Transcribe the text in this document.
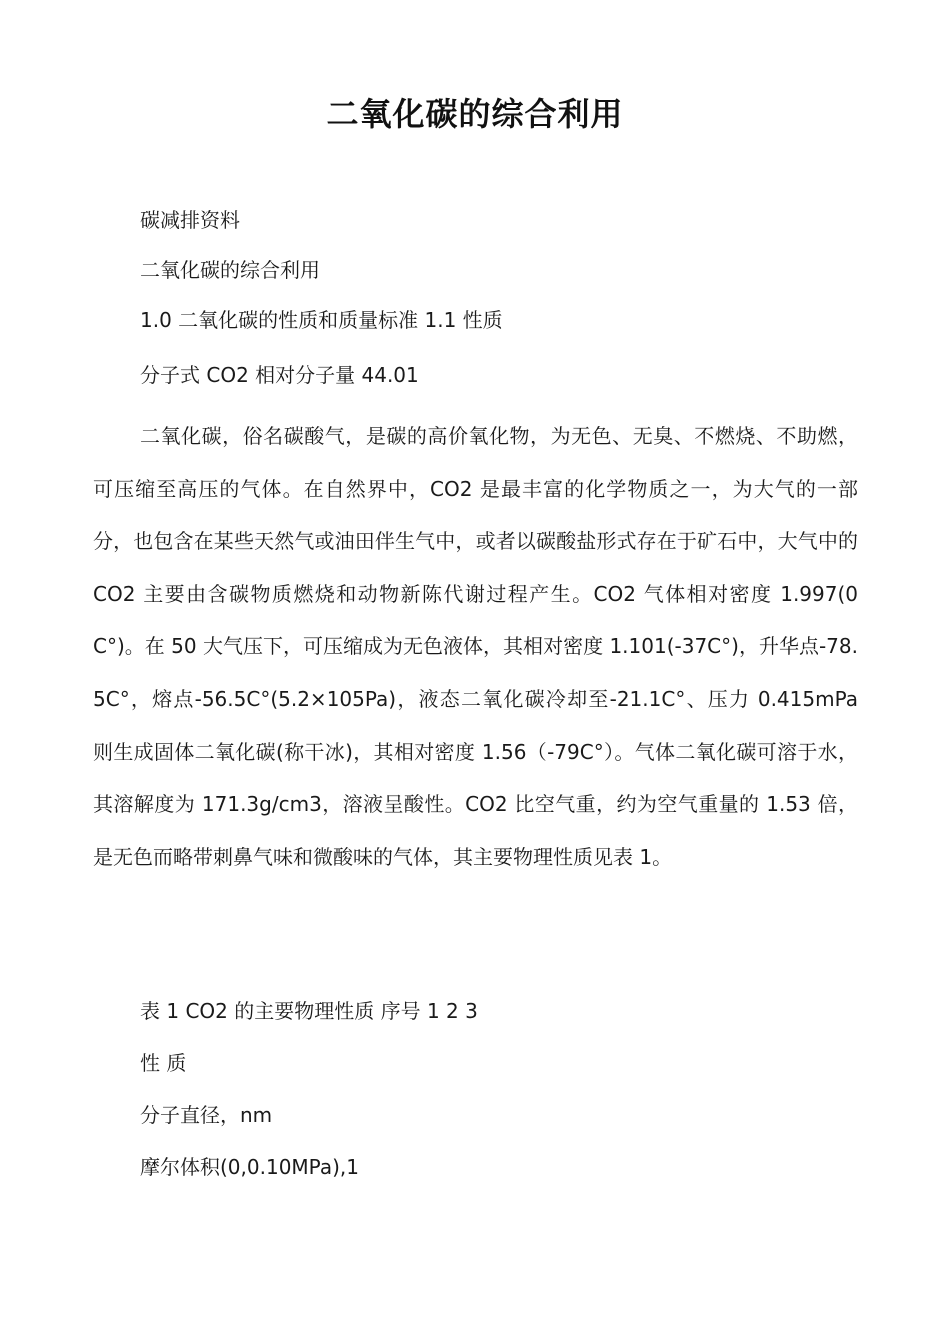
二氧化碳的综合利用
碳减排资料
二氧化碳的综合利用
1.0 二氧化碳的性质和质量标准 1.1 性质
分子式 CO2 相对分子量 44.01
二氧化碳，俗名碳酸气，是碳的高价氧化物，为无色、无臭、不燃烧、不助燃，可压缩至高压的气体。在自然界中，CO2 是最丰富的化学物质之一，为大气的一部分，也包含在某些天然气或油田伴生气中，或者以碳酸盐形式存在于矿石中，大气中的 CO2 主要由含碳物质燃烧和动物新陈代谢过程产生。CO2 气体相对密度 1.997(0C°)。在 50 大气压下，可压缩成为无色液体，其相对密度 1.101(-37C°)，升华点-78.5C°，熔点-56.5C°(5.2×105Pa)，液态二氧化碳冷却至-21.1C°、压力 0.415mPa 则生成固体二氧化碳(称干冰)，其相对密度 1.56（-79C°）。气体二氧化碳可溶于水，其溶解度为 171.3g/cm3，溶液呈酸性。CO2 比空气重，约为空气重量的 1.53 倍，是无色而略带刺鼻气味和微酸味的气体，其主要物理性质见表 1。
表 1 CO2 的主要物理性质 序号 1 2 3
性 质
分子直径，nm
摩尔体积(0,0.10MPa),1
